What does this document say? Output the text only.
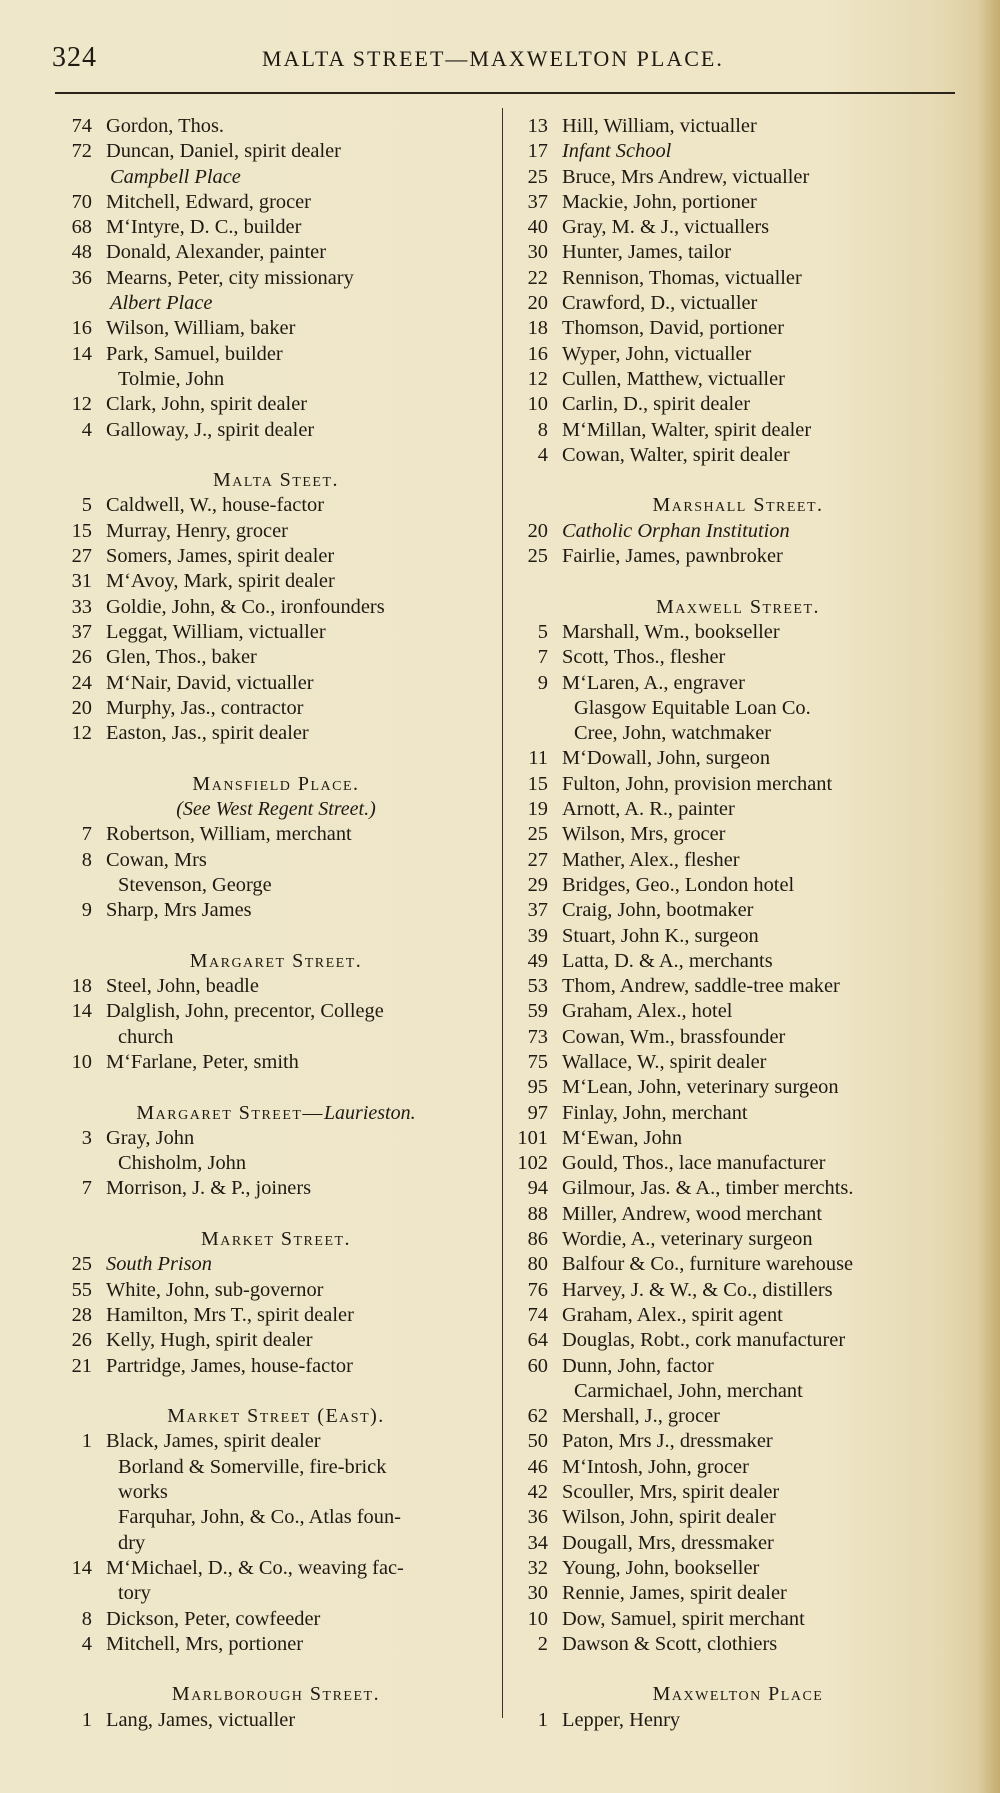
324	MALTA STREET—MAXWELTON PLACE.
74 Gordon, Thos.
72 Duncan, Daniel, spirit dealer
Campbell Place
70 Mitchell, Edward, grocer
68 M‘Intyre, D. C., builder
48 Donald, Alexander, painter
36 Mearns, Peter, city missionary
Albert Place
16 Wilson, William, baker
14 Park, Samuel, builder
Tolmie, John
12 Clark, John, spirit dealer
4 Galloway, J., spirit dealer
Malta Steet.
5 Caldwell, W., house-factor
15 Murray, Henry, grocer
27 Somers, James, spirit dealer
31 M‘Avoy, Mark, spirit dealer
33 Goldie, John, & Co., ironfounders
37 Leggat, William, victualler
26 Glen, Thos., baker
24 M‘Nair, David, victualler
20 Murphy, Jas., contractor
12 Easton, Jas., spirit dealer
Mansfield Place.
(See West Regent Street.)
7 Robertson, William, merchant
8 Cowan, Mrs
Stevenson, George
9 Sharp, Mrs James
Margaret Street.
18 Steel, John, beadle
14 Dalglish, John, precentor, College
church
10 M‘Farlane, Peter, smith
Margaret Street—Laurieston.
3 Gray, John
Chisholm, John
7 Morrison, J. & P., joiners
Market Street.
25 South Prison
55 White, John, sub-governor
28 Hamilton, Mrs T., spirit dealer
26 Kelly, Hugh, spirit dealer
21 Partridge, James, house-factor
Market Street (East).
1 Black, James, spirit dealer
Borland & Somerville, fire-brick
works
Farquhar, John, & Co., Atlas foun-
dry
14 M‘Michael, D., & Co., weaving fac-
tory
8 Dickson, Peter, cowfeeder
4 Mitchell, Mrs, portioner
Marlborough Street.
1 Lang, James, victualler
13 Hill, William, victualler
17 Infant School
25 Bruce, Mrs Andrew, victualler
37 Mackie, John, portioner
40 Gray, M. & J., victuallers
30 Hunter, James, tailor
22 Rennison, Thomas, victualler
20 Crawford, D., victualler
18 Thomson, David, portioner
16 Wyper, John, victualler
12 Cullen, Matthew, victualler
10 Carlin, D., spirit dealer
8 M‘Millan, Walter, spirit dealer
4 Cowan, Walter, spirit dealer
Marshall Street.
20 Catholic Orphan Institution
25 Fairlie, James, pawnbroker
Maxwell Street.
5 Marshall, Wm., bookseller
7 Scott, Thos., flesher
9 M‘Laren, A., engraver
Glasgow Equitable Loan Co.
Cree, John, watchmaker
11 M‘Dowall, John, surgeon
15 Fulton, John, provision merchant
19 Arnott, A. R., painter
25 Wilson, Mrs, grocer
27 Mather, Alex., flesher
29 Bridges, Geo., London hotel
37 Craig, John, bootmaker
39 Stuart, John K., surgeon
49 Latta, D. & A., merchants
53 Thom, Andrew, saddle-tree maker
59 Graham, Alex., hotel
73 Cowan, Wm., brassfounder
75 Wallace, W., spirit dealer
95 M‘Lean, John, veterinary surgeon
97 Finlay, John, merchant
101 M‘Ewan, John
102 Gould, Thos., lace manufacturer
94 Gilmour, Jas. & A., timber merchts.
88 Miller, Andrew, wood merchant
86 Wordie, A., veterinary surgeon
80 Balfour & Co., furniture warehouse
76 Harvey, J. & W., & Co., distillers
74 Graham, Alex., spirit agent
64 Douglas, Robt., cork manufacturer
60 Dunn, John, factor
Carmichael, John, merchant
62 Mershall, J., grocer
50 Paton, Mrs J., dressmaker
46 M‘Intosh, John, grocer
42 Scouller, Mrs, spirit dealer
36 Wilson, John, spirit dealer
34 Dougall, Mrs, dressmaker
32 Young, John, bookseller
30 Rennie, James, spirit dealer
10 Dow, Samuel, spirit merchant
2 Dawson & Scott, clothiers
Maxwelton Place
1 Lepper, Henry
